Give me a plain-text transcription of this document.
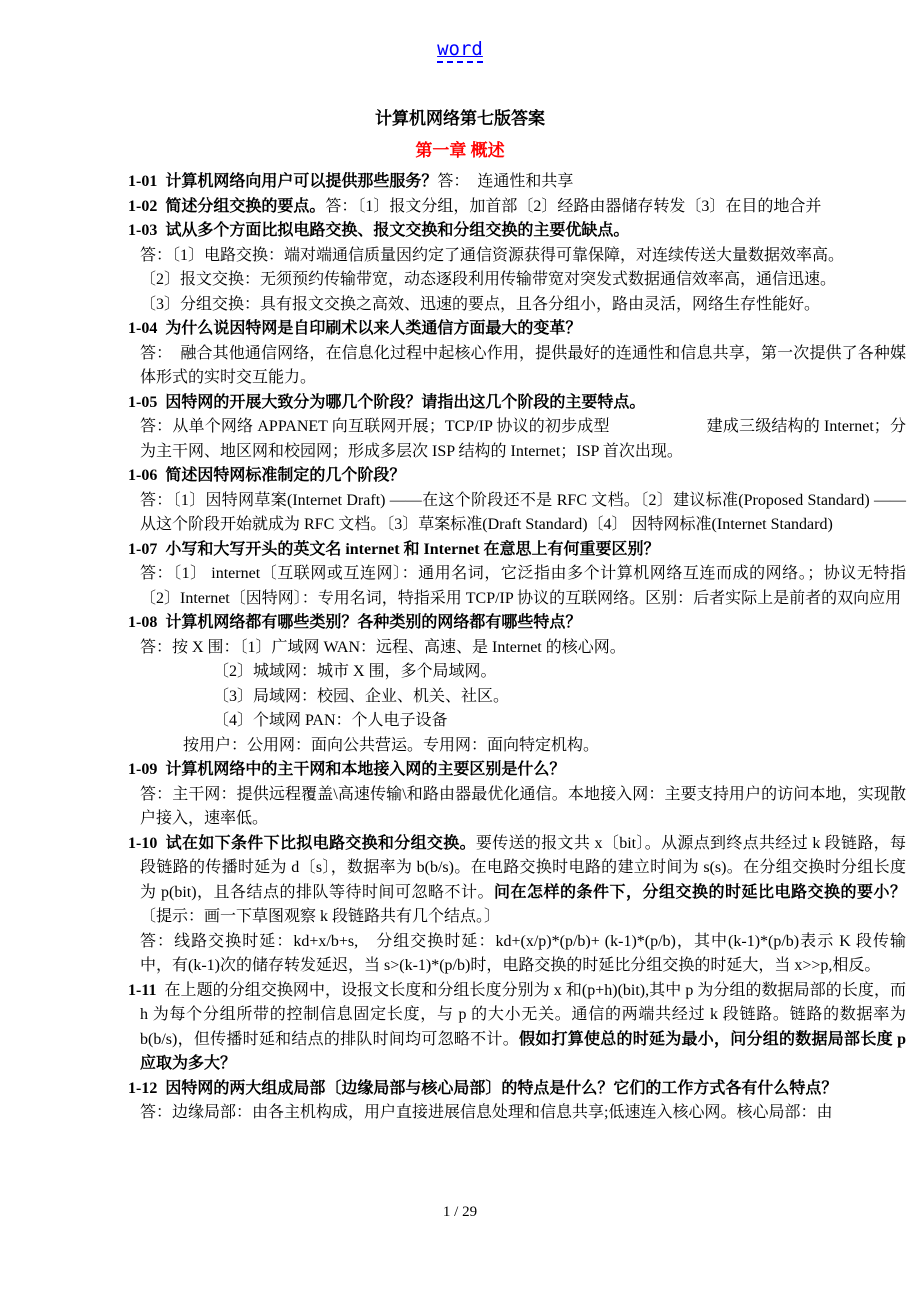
word
计算机网络第七版答案
第一章 概述
1-01 计算机网络向用户可以提供那些服务？答：　连通性和共享
1-02 简述分组交换的要点。答：〔1〕报文分组，加首部〔2〕经路由器储存转发〔3〕在目的地合并
1-03 试从多个方面比拟电路交换、报文交换和分组交换的主要优缺点。
答：〔1〕电路交换：端对端通信质量因约定了通信资源获得可靠保障，对连续传送大量数据效率高。
〔2〕报文交换：无须预约传输带宽，动态逐段利用传输带宽对突发式数据通信效率高，通信迅速。
〔3〕分组交换：具有报文交换之高效、迅速的要点，且各分组小，路由灵活，网络生存性能好。
1-04 为什么说因特网是自印刷术以来人类通信方面最大的变革？
答：　融合其他通信网络，在信息化过程中起核心作用，提供最好的连通性和信息共享，第一次提供了各种媒体形式的实时交互能力。
1-05 因特网的开展大致分为哪几个阶段？请指出这几个阶段的主要特点。
答：从单个网络 APPANET 向互联网开展；TCP/IP 协议的初步成型　　　　　　建成三级结构的 Internet；分为主干网、地区网和校园网；形成多层次 ISP 结构的 Internet；ISP 首次出现。
1-06 简述因特网标准制定的几个阶段？
答：〔1〕因特网草案(Internet Draft) ——在这个阶段还不是 RFC 文档。〔2〕建议标准(Proposed Standard) ——从这个阶段开始就成为 RFC 文档。〔3〕草案标准(Draft Standard)〔4〕 因特网标准(Internet Standard)
1-07 小写和大写开头的英文名 internet 和 Internet 在意思上有何重要区别？
答：〔1〕 internet〔互联网或互连网〕：通用名词，它泛指由多个计算机网络互连而成的网络。；协议无特指〔2〕Internet〔因特网〕：专用名词，特指采用 TCP/IP 协议的互联网络。区别：后者实际上是前者的双向应用
1-08 计算机网络都有哪些类别？各种类别的网络都有哪些特点？
答：按 X 围：〔1〕广域网 WAN：远程、高速、是 Internet 的核心网。
〔2〕城域网：城市 X 围，多个局域网。
〔3〕局域网：校园、企业、机关、社区。
〔4〕个域网 PAN：个人电子设备
按用户：公用网：面向公共营运。专用网：面向特定机构。
1-09 计算机网络中的主干网和本地接入网的主要区别是什么？
答：主干网：提供远程覆盖\高速传输\和路由器最优化通信。本地接入网：主要支持用户的访问本地，实现散户接入，速率低。
1-10 试在如下条件下比拟电路交换和分组交换。要传送的报文共 x〔bit〕。从源点到终点共经过 k 段链路，每段链路的传播时延为 d〔s〕，数据率为 b(b/s)。在电路交换时电路的建立时间为 s(s)。在分组交换时分组长度为 p(bit)，且各结点的排队等待时间可忽略不计。问在怎样的条件下，分组交换的时延比电路交换的要小？〔提示：画一下草图观察 k 段链路共有几个结点。〕
答：线路交换时延：kd+x/b+s,　分组交换时延：kd+(x/p)*(p/b)+ (k-1)*(p/b)，其中(k-1)*(p/b)表示 K 段传输中，有(k-1)次的储存转发延迟，当 s>(k-1)*(p/b)时，电路交换的时延比分组交换的时延大，当 x>>p,相反。
1-11 在上题的分组交换网中，设报文长度和分组长度分别为 x 和(p+h)(bit),其中 p 为分组的数据局部的长度，而 h 为每个分组所带的控制信息固定长度，与 p 的大小无关。通信的两端共经过 k 段链路。链路的数据率为 b(b/s)，但传播时延和结点的排队时间均可忽略不计。假如打算使总的时延为最小，问分组的数据局部长度 p 应取为多大？
1-12 因特网的两大组成局部〔边缘局部与核心局部〕的特点是什么？它们的工作方式各有什么特点？
答：边缘局部：由各主机构成，用户直接进展信息处理和信息共享;低速连入核心网。核心局部：由
1 / 29
